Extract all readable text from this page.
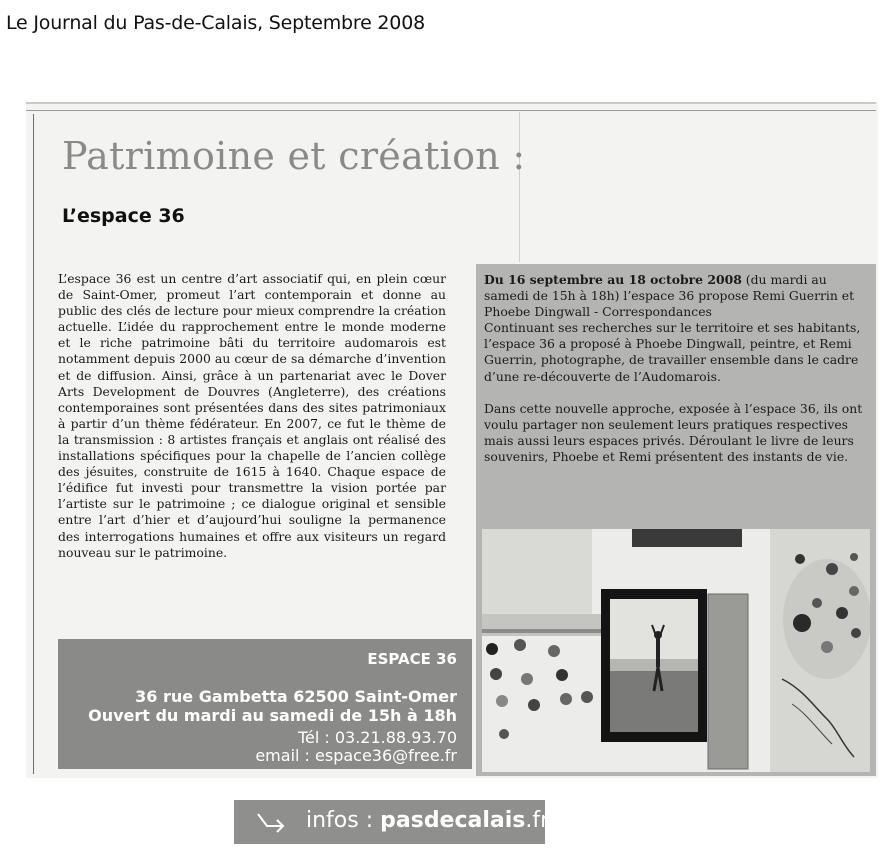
Le Journal du Pas-de-Calais, Septembre 2008
Patrimoine et création :
L’espace 36

L’espace 36 est un centre d’art associatif qui, en plein cœur de Saint-Omer, promeut l’art contemporain et donne au public des clés de lecture pour mieux comprendre la création actuelle. L’idée du rapprochement entre le monde moderne et le riche patrimoine bâti du territoire audomarois est notamment depuis 2000 au cœur de sa démarche d’invention et de diffusion. Ainsi, grâce à un partenariat avec le Dover Arts Development de Douvres (Angleterre), des créations contemporaines sont présentées dans des sites patrimoniaux à partir d’un thème fédérateur. En 2007, ce fut le thème de la transmission : 8 artistes français et anglais ont réalisé des installations spécifiques pour la chapelle de l’ancien collège des jésuites, construite de 1615 à 1640. Chaque espace de l’édifice fut investi pour transmettre la vision portée par l’artiste sur le patrimoine ; ce dialogue original et sensible entre l’art d’hier et d’aujourd’hui souligne la permanence des interrogations humaines et offre aux visiteurs un regard nouveau sur le patrimoine.

Du 16 septembre au 18 octobre 2008 (du mardi au samedi de 15h à 18h) l’espace 36 propose Remi Guerrin et Phoebe Dingwall - Correspondances

Continuant ses recherches sur le territoire et ses habitants, l’espace 36 a proposé à Phoebe Dingwall, peintre, et Remi Guerrin, photographe, de travailler ensemble dans le cadre d’une re-découverte de l’Audomarois.

Dans cette nouvelle approche, exposée à l’espace 36, ils ont voulu partager non seulement leurs pratiques respectives mais aussi leurs espaces privés. Déroulant le livre de leurs souvenirs, Phoebe et Remi présentent des instants de vie.

ESPACE 36
36 rue Gambetta 62500 Saint-Omer
Ouvert du mardi au samedi de 15h à 18h
Tél : 03.21.88.93.70
email : espace36@free.fr
infos : pasdecalais.fr
